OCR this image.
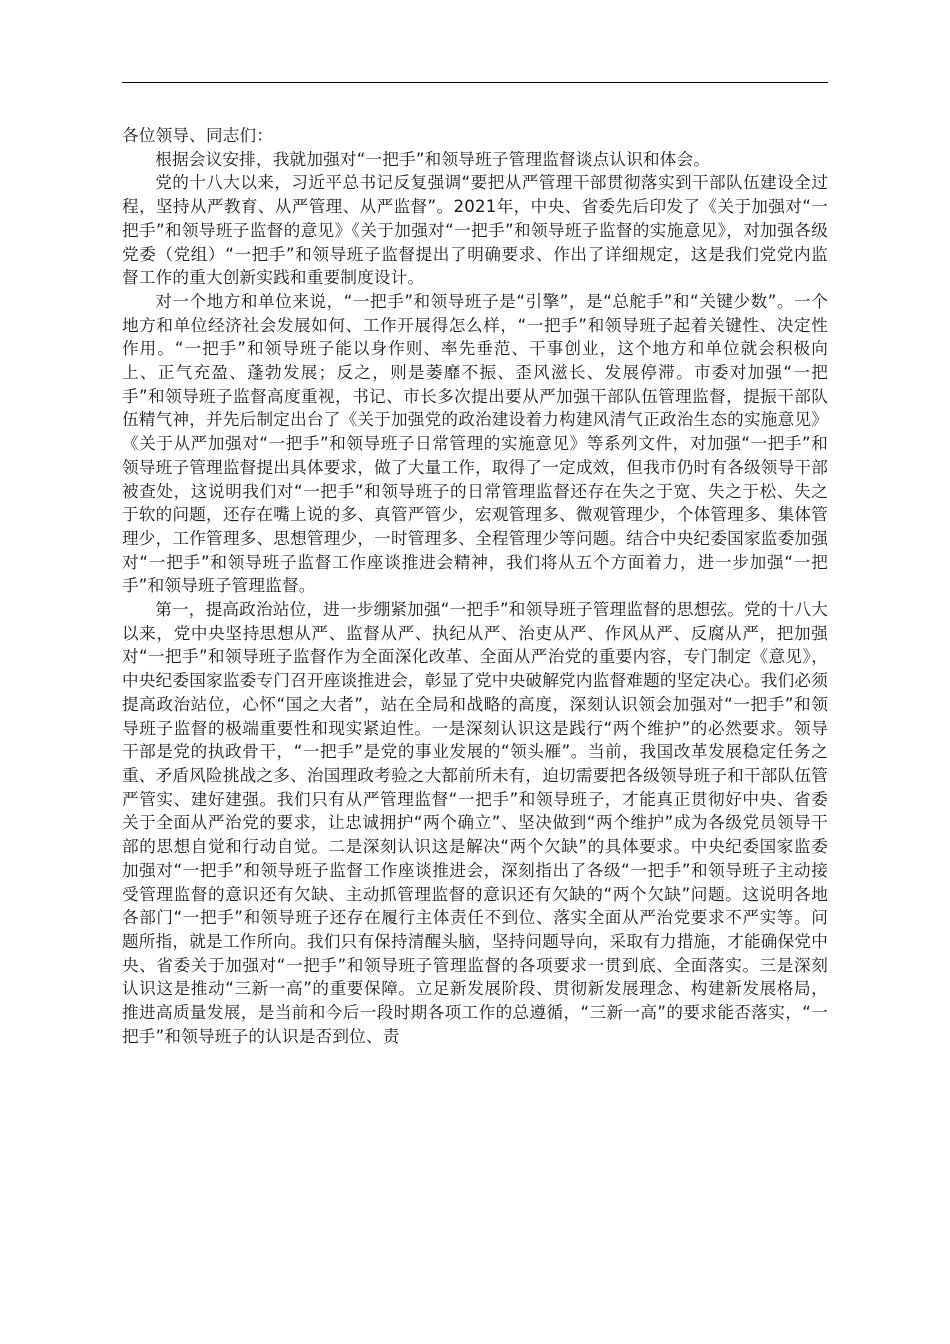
各位领导、同志们：

根据会议安排，我就加强对“一把手”和领导班子管理监督谈点认识和体会。

党的十八大以来，习近平总书记反复强调“要把从严管理干部贯彻落实到干部队伍建设全过程，坚持从严教育、从严管理、从严监督”。2021年，中央、省委先后印发了《关于加强对“一把手”和领导班子监督的意见》《关于加强对“一把手”和领导班子监督的实施意见》，对加强各级党委（党组）“一把手”和领导班子监督提出了明确要求、作出了详细规定，这是我们党党内监督工作的重大创新实践和重要制度设计。

对一个地方和单位来说，“一把手”和领导班子是“引擎”，是“总舵手”和“关键少数”。一个地方和单位经济社会发展如何、工作开展得怎么样，“一把手”和领导班子起着关键性、决定性作用。“一把手”和领导班子能以身作则、率先垂范、干事创业，这个地方和单位就会积极向上、正气充盈、蓬勃发展；反之，则是萎靡不振、歪风滋长、发展停滞。市委对加强“一把手”和领导班子监督高度重视，书记、市长多次提出要从严加强干部队伍管理监督，提振干部队伍精气神，并先后制定出台了《关于加强党的政治建设着力构建风清气正政治生态的实施意见》《关于从严加强对“一把手”和领导班子日常管理的实施意见》等系列文件，对加强“一把手”和领导班子管理监督提出具体要求，做了大量工作，取得了一定成效，但我市仍时有各级领导干部被查处，这说明我们对“一把手”和领导班子的日常管理监督还存在失之于宽、失之于松、失之于软的问题，还存在嘴上说的多、真管严管少，宏观管理多、微观管理少，个体管理多、集体管理少，工作管理多、思想管理少，一时管理多、全程管理少等问题。结合中央纪委国家监委加强对“一把手”和领导班子监督工作座谈推进会精神，我们将从五个方面着力，进一步加强“一把手”和领导班子管理监督。

第一，提高政治站位，进一步绷紧加强“一把手”和领导班子管理监督的思想弦。党的十八大以来，党中央坚持思想从严、监督从严、执纪从严、治吏从严、作风从严、反腐从严，把加强对“一把手”和领导班子监督作为全面深化改革、全面从严治党的重要内容，专门制定《意见》，中央纪委国家监委专门召开座谈推进会，彰显了党中央破解党内监督难题的坚定决心。我们必须提高政治站位，心怀“国之大者”，站在全局和战略的高度，深刻认识领会加强对“一把手”和领导班子监督的极端重要性和现实紧迫性。一是深刻认识这是践行“两个维护”的必然要求。领导干部是党的执政骨干，“一把手”是党的事业发展的“领头雁”。当前，我国改革发展稳定任务之重、矛盾风险挑战之多、治国理政考验之大都前所未有，迫切需要把各级领导班子和干部队伍管严管实、建好建强。我们只有从严管理监督“一把手”和领导班子，才能真正贯彻好中央、省委关于全面从严治党的要求，让忠诚拥护“两个确立”、坚决做到“两个维护”成为各级党员领导干部的思想自觉和行动自觉。二是深刻认识这是解决“两个欠缺”的具体要求。中央纪委国家监委加强对“一把手”和领导班子监督工作座谈推进会，深刻指出了各级“一把手”和领导班子主动接受管理监督的意识还有欠缺、主动抓管理监督的意识还有欠缺的“两个欠缺”问题。这说明各地各部门“一把手”和领导班子还存在履行主体责任不到位、落实全面从严治党要求不严实等。问题所指，就是工作所向。我们只有保持清醒头脑，坚持问题导向，采取有力措施，才能确保党中央、省委关于加强对“一把手”和领导班子管理监督的各项要求一贯到底、全面落实。三是深刻认识这是推动“三新一高”的重要保障。立足新发展阶段、贯彻新发展理念、构建新发展格局，推进高质量发展，是当前和今后一段时期各项工作的总遵循，“三新一高”的要求能否落实，“一把手”和领导班子的认识是否到位、责
